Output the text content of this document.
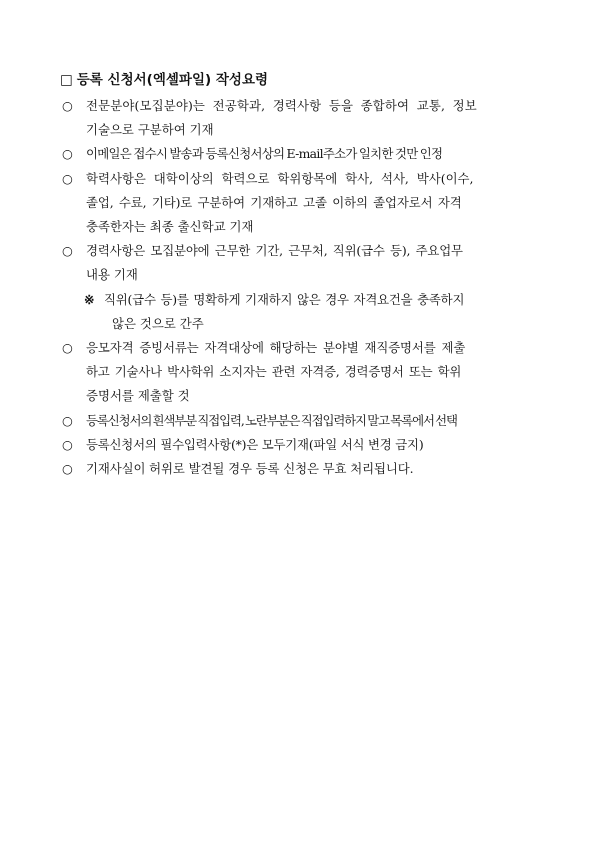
□ 등록 신청서(엑셀파일) 작성요령
○ 전문분야(모집분야)는 전공학과, 경력사항 등을 종합하여 교통, 정보
기술으로 구분하여 기재
○ 이메일은 접수시 발송과 등록신청서상의 E-mail주소가 일치한 것만 인정
○ 학력사항은 대학이상의 학력으로 학위항목에 학사, 석사, 박사(이수,
졸업, 수료, 기타)로 구분하여 기재하고 고졸 이하의 졸업자로서 자격
충족한자는 최종 출신학교 기재
○ 경력사항은 모집분야에 근무한 기간, 근무처, 직위(급수 등), 주요업무
내용 기재
※ 직위(급수 등)를 명확하게 기재하지 않은 경우 자격요건을 충족하지
않은 것으로 간주
○ 응모자격 증빙서류는 자격대상에 해당하는 분야별 재직증명서를 제출
하고 기술사나 박사학위 소지자는 관련 자격증, 경력증명서 또는 학위
증명서를 제출할 것
○ 등록신청서의 흰색부분 직접입력, 노란부분은 직접입력하지 말고 목록에서 선택
○ 등록신청서의 필수입력사항(*)은 모두기재(파일 서식 변경 금지)
○ 기재사실이 허위로 발견될 경우 등록 신청은 무효 처리됩니다.
